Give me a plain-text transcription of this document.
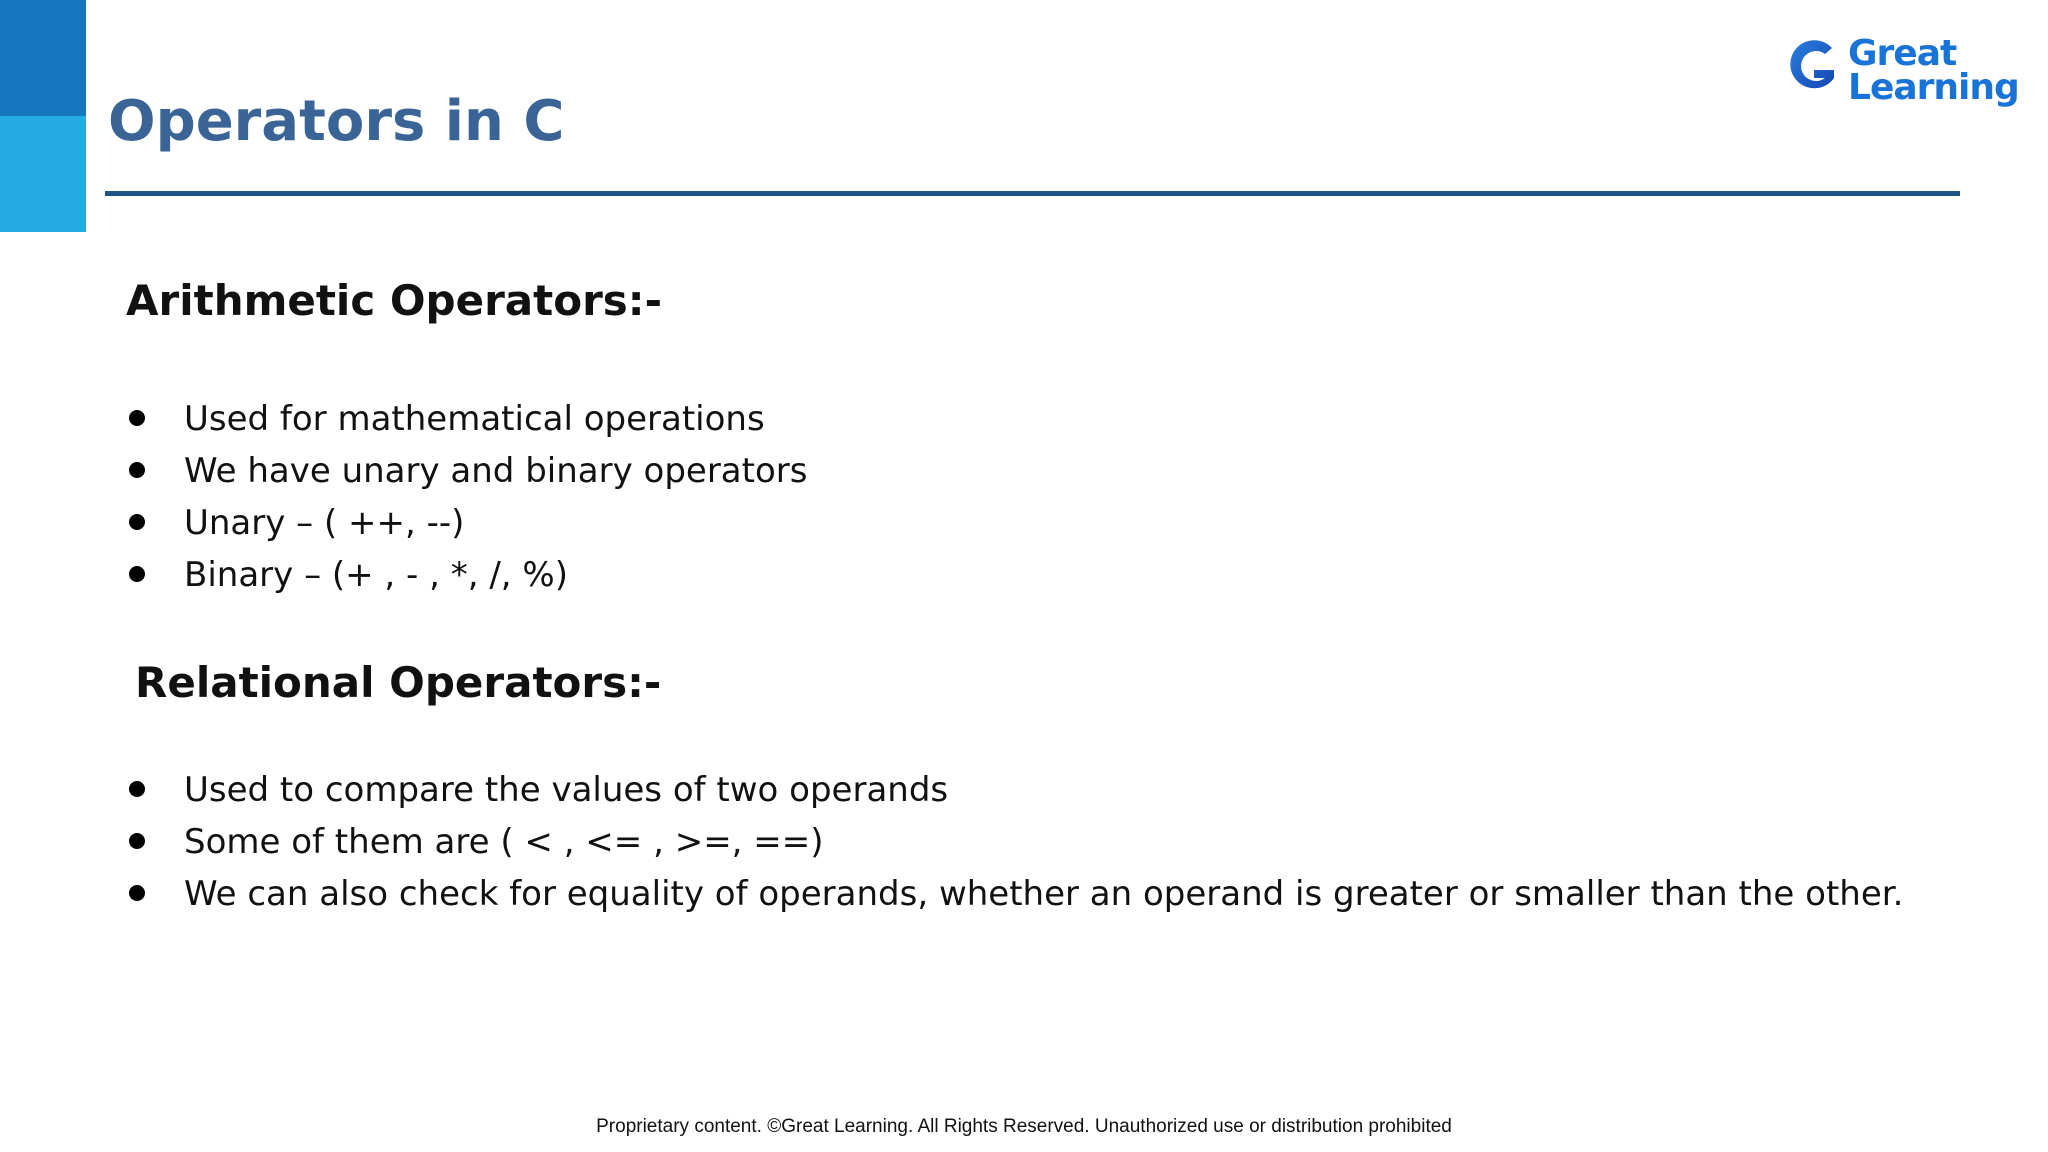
Operators in C
Great
Learning
Arithmetic Operators:-
Used for mathematical operations
We have unary and binary operators
Unary – ( ++, --)
Binary – (+ , - , *, /, %)
Relational Operators:-
Used to compare the values of two operands
Some of them are ( < , <= , >=, ==)
We can also check for equality of operands, whether an operand is greater or smaller than the other.
Proprietary content. ©Great Learning. All Rights Reserved. Unauthorized use or distribution prohibited
